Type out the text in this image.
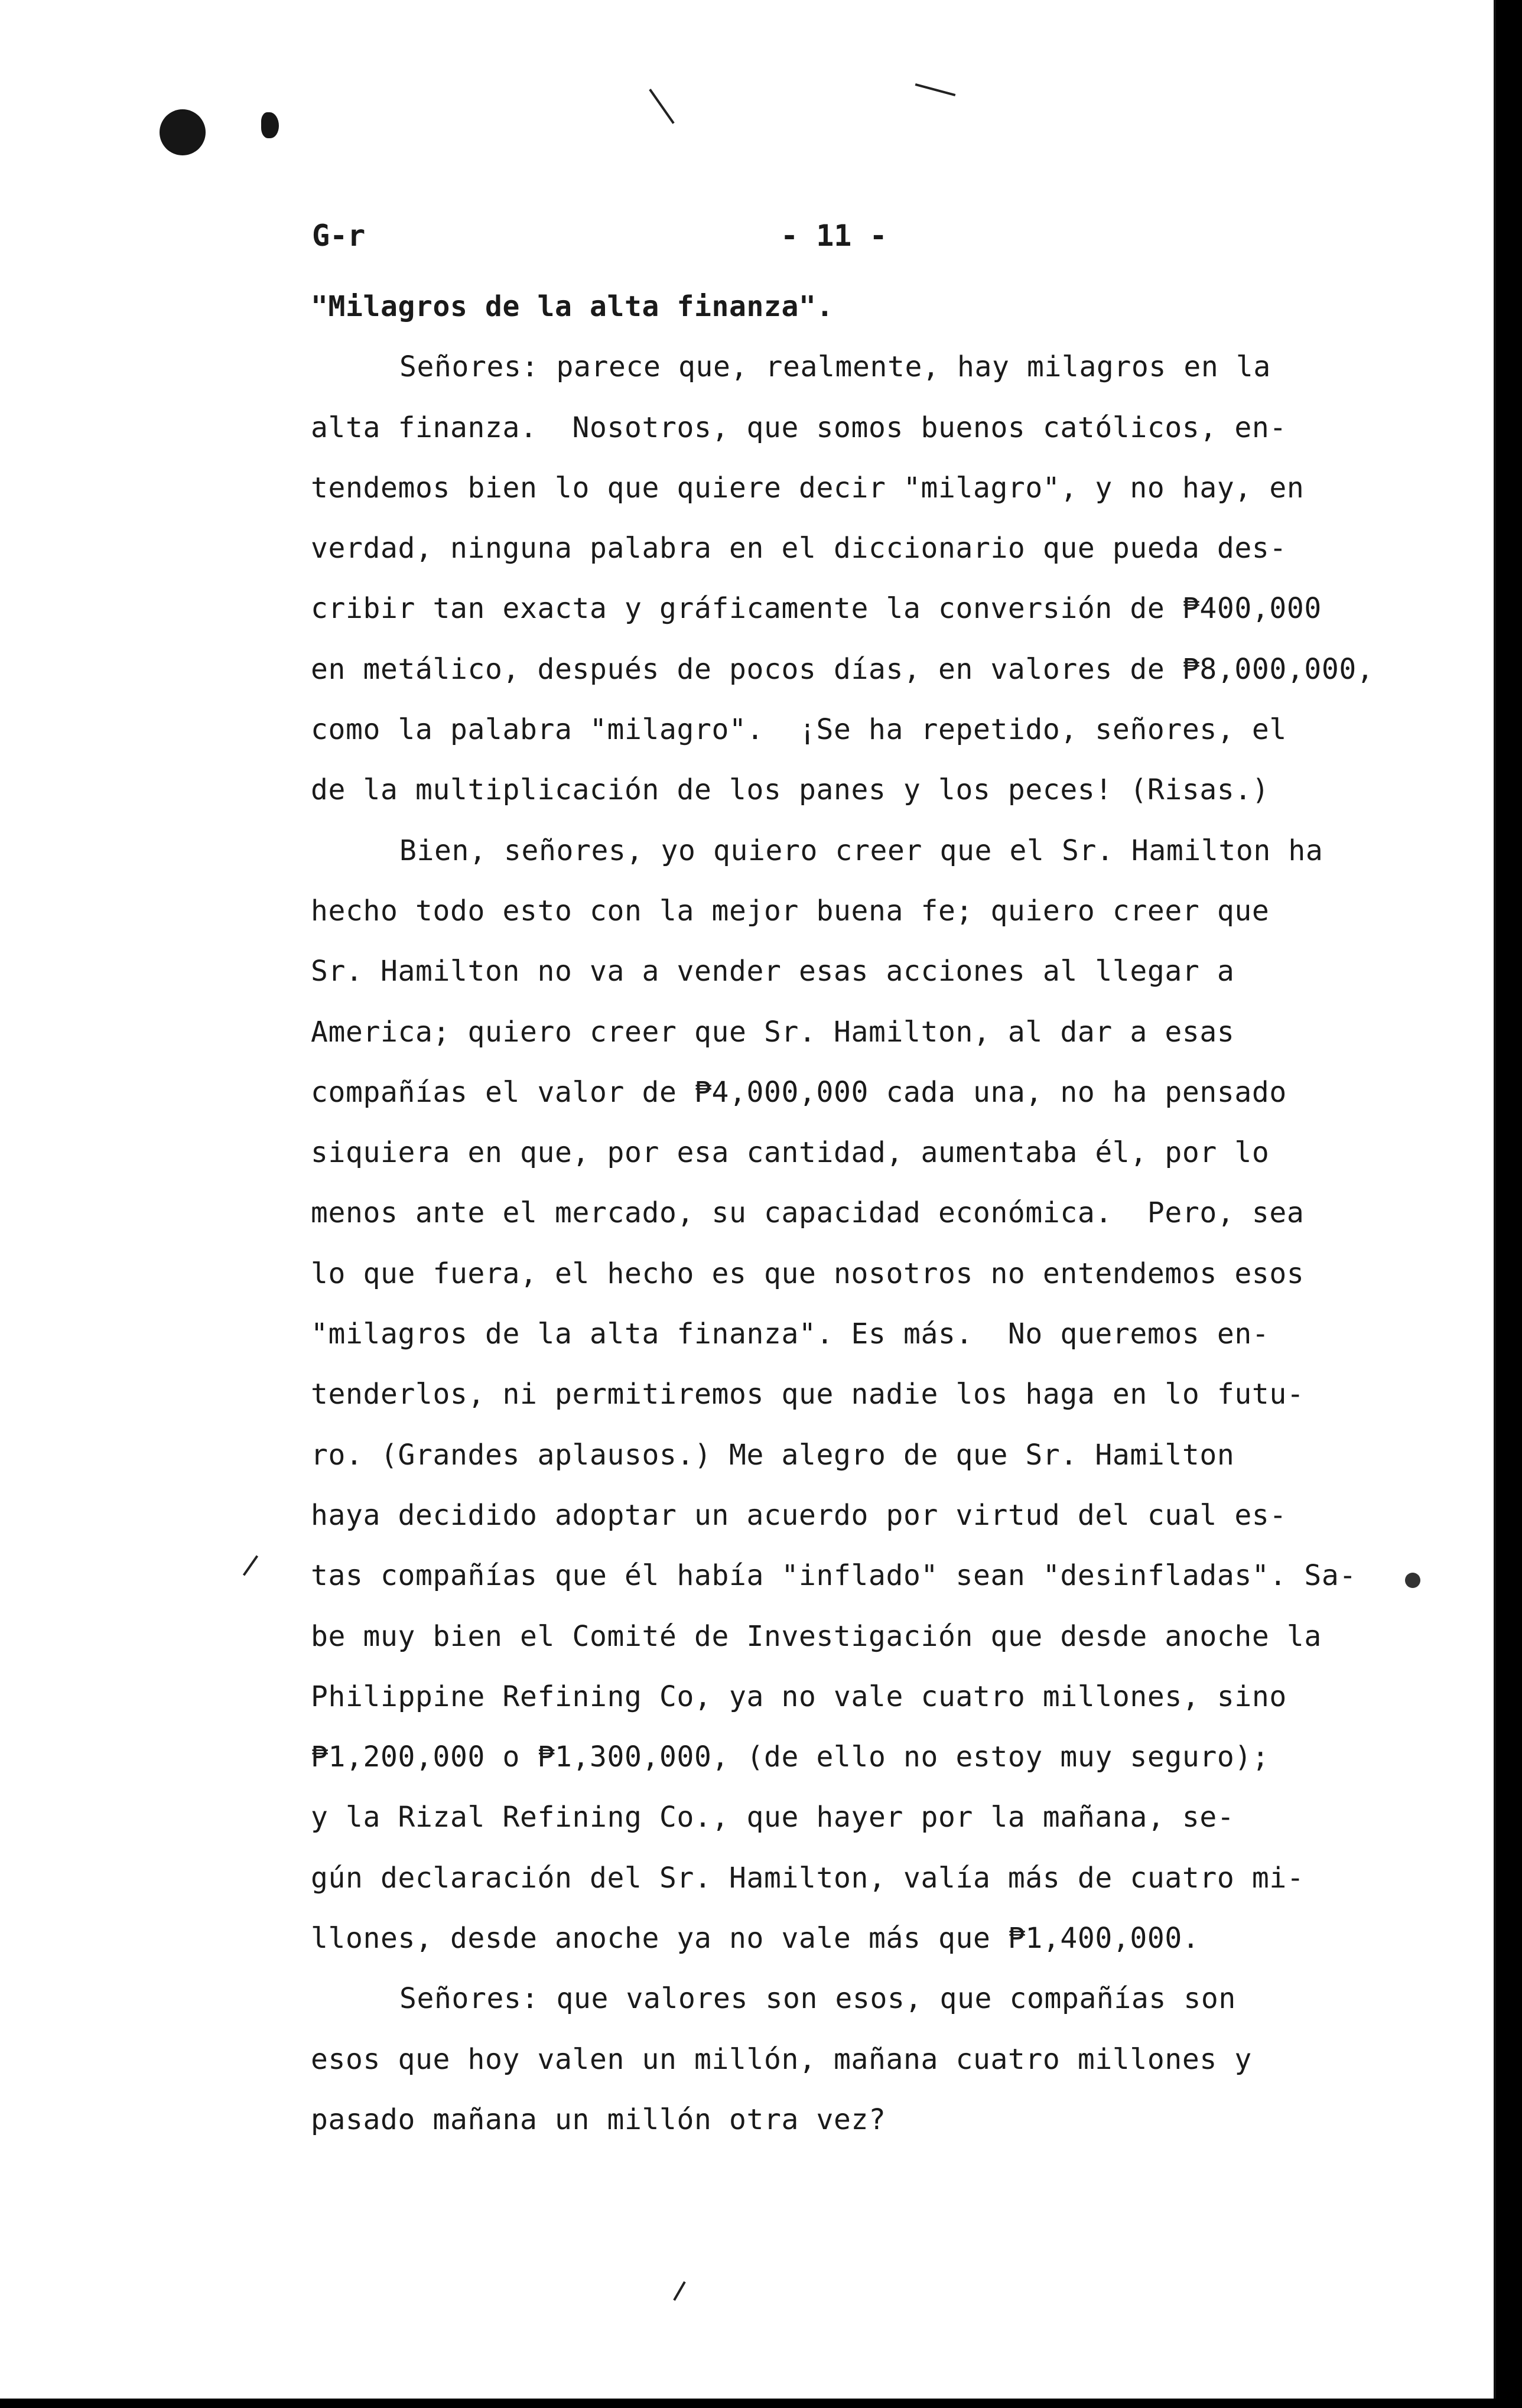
G-r	- 11 -
"Milagros de la alta finanza".
Señores: parece que, realmente, hay milagros en la
alta finanza.  Nosotros, que somos buenos católicos, en-
tendemos bien lo que quiere decir "milagro", y no hay, en
verdad, ninguna palabra en el diccionario que pueda des-
cribir tan exacta y gráficamente la conversión de ₱400,000
en metálico, después de pocos días, en valores de ₱8,000,000,
como la palabra "milagro".  ¡Se ha repetido, señores, el
de la multiplicación de los panes y los peces! (Risas.)
Bien, señores, yo quiero creer que el Sr. Hamilton ha
hecho todo esto con la mejor buena fe; quiero creer que
Sr. Hamilton no va a vender esas acciones al llegar a
America; quiero creer que Sr. Hamilton, al dar a esas
compañías el valor de ₱4,000,000 cada una, no ha pensado
siquiera en que, por esa cantidad, aumentaba él, por lo
menos ante el mercado, su capacidad económica.  Pero, sea
lo que fuera, el hecho es que nosotros no entendemos esos
"milagros de la alta finanza". Es más.  No queremos en-
tenderlos, ni permitiremos que nadie los haga en lo futu-
ro. (Grandes aplausos.) Me alegro de que Sr. Hamilton
haya decidido adoptar un acuerdo por virtud del cual es-
tas compañías que él había "inflado" sean "desinfladas". Sa-
be muy bien el Comité de Investigación que desde anoche la
Philippine Refining Co, ya no vale cuatro millones, sino
₱1,200,000 o ₱1,300,000, (de ello no estoy muy seguro);
y la Rizal Refining Co., que hayer por la mañana, se-
gún declaración del Sr. Hamilton, valía más de cuatro mi-
llones, desde anoche ya no vale más que ₱1,400,000.
Señores: que valores son esos, que compañías son
esos que hoy valen un millón, mañana cuatro millones y
pasado mañana un millón otra vez?
